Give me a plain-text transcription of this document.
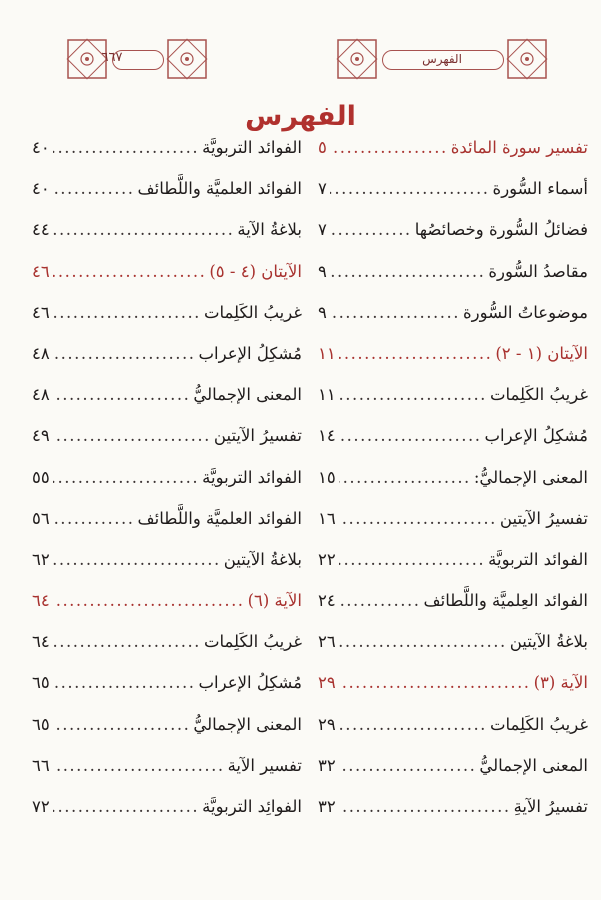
٦٦٧	الفهرس
الفهرس
تفسير سورة المائدة
.....
٥
أسماء السُّورة
.....
٧
فضائلُ السُّورة وخصائصُها
.....
٧
مقاصدُ السُّورة
.....
٩
موضوعاتُ السُّورة
.....
٩
الآيتان (١ - ٢)
.....
١١
غريبُ الكَلِمات
.....
١١
مُشكِلُ الإعراب
.....
١٤
المعنى الإجماليُّ:
.....
١٥
تفسيرُ الآيتين
.....
١٦
الفوائد التربويَّة
.....
٢٢
الفوائد العِلميَّة واللَّطائف
.....
٢٤
بلاغةُ الآيتين
.....
٢٦
الآية (٣)
.....
٢٩
غريبُ الكَلِمات
.....
٢٩
المعنى الإجماليُّ
.....
٣٢
تفسيرُ الآيةِ
.....
٣٢
الفوائد التربويَّة
.....
٤٠
الفوائد العلميَّة واللَّطائف
.....
٤٠
بلاغةُ الآية
.....
٤٤
الآيتان (٤ - ٥)
.....
٤٦
غريبُ الكَلِمات
.....
٤٦
مُشكِلُ الإعراب
.....
٤٨
المعنى الإجماليُّ
.....
٤٨
تفسيرُ الآيتين
.....
٤٩
الفوائد التربويَّة
.....
٥٥
الفوائد العلميَّة واللَّطائف
.....
٥٦
بلاغةُ الآيتين
.....
٦٢
الآية (٦)
.....
٦٤
غريبُ الكَلِمات
.....
٦٤
مُشكِلُ الإعراب
.....
٦٥
المعنى الإجماليُّ
.....
٦٥
تفسير الآية
.....
٦٦
الفوائِد التربويَّة
.....
٧٢
